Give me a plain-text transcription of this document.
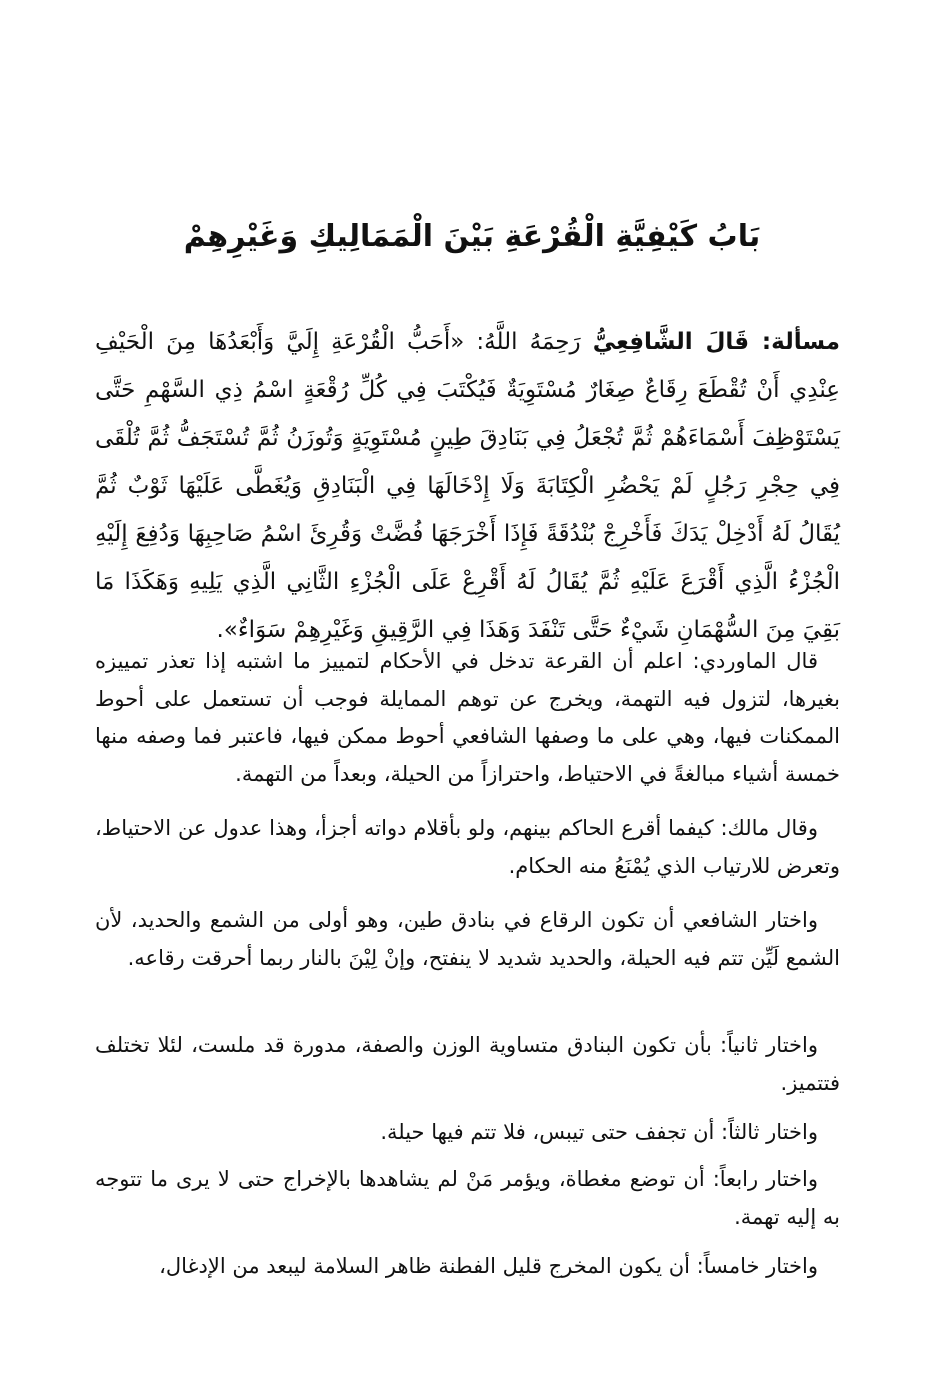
بَابُ كَيْفِيَّةِ الْقُرْعَةِ بَيْنَ الْمَمَالِيكِ وَغَيْرِهِمْ

مسألة: قَالَ الشَّافِعِيُّ رَحِمَهُ اللَّهُ: «أَحَبُّ الْقُرْعَةِ إِلَيَّ وَأَبْعَدُهَا مِنَ الْحَيْفِ عِنْدِي أَنْ تُقْطَعَ رِقَاعٌ صِغَارٌ مُسْتَوِيَةٌ فَيُكْتَبَ فِي كُلِّ رُقْعَةٍ اسْمُ ذِي السَّهْمِ حَتَّى يَسْتَوْظِفَ أَسْمَاءَهُمْ ثُمَّ تُجْعَلُ فِي بَنَادِقَ طِينٍ مُسْتَوِيَةٍ وَتُوزَنُ ثُمَّ تُسْتَجَفُّ ثُمَّ تُلْقَى فِي حِجْرِ رَجُلٍ لَمْ يَحْضُرِ الْكِتَابَةَ وَلَا إِدْخَالَهَا فِي الْبَنَادِقِ وَيُغَطَّى عَلَيْهَا ثَوْبٌ ثُمَّ يُقَالُ لَهُ أَدْخِلْ يَدَكَ فَأَخْرِجْ بُنْدُقَةً فَإِذَا أَخْرَجَهَا فُضَّتْ وَقُرِئَ اسْمُ صَاحِبِهَا وَدُفِعَ إِلَيْهِ الْجُزْءُ الَّذِي أَقْرَعَ عَلَيْهِ ثُمَّ يُقَالُ لَهُ أَقْرِعْ عَلَى الْجُزْءِ الثَّانِي الَّذِي يَلِيهِ وَهَكَذَا مَا بَقِيَ مِنَ السُّهْمَانِ شَيْءٌ حَتَّى تَنْفَدَ وَهَذَا فِي الرَّقِيقِ وَغَيْرِهِمْ سَوَاءٌ».

قال الماوردي: اعلم أن القرعة تدخل في الأحكام لتمييز ما اشتبه إذا تعذر تمييزه بغيرها، لتزول فيه التهمة، ويخرج عن توهم الممايلة فوجب أن تستعمل على أحوط الممكنات فيها، وهي على ما وصفها الشافعي أحوط ممكن فيها، فاعتبر فما وصفه منها خمسة أشياء مبالغةً في الاحتياط، واحترازاً من الحيلة، وبعداً من التهمة.

وقال مالك: كيفما أقرع الحاكم بينهم، ولو بأقلام دواته أجزأ، وهذا عدول عن الاحتياط، وتعرض للارتياب الذي يُمْنَعُ منه الحكام.

واختار الشافعي أن تكون الرقاع في بنادق طين، وهو أولى من الشمع والحديد، لأن الشمع لَيِّن تتم فيه الحيلة، والحديد شديد لا ينفتح، وإنْ لِيْنَ بالنار ربما أحرقت رقاعه.

واختار ثانياً: بأن تكون البنادق متساوية الوزن والصفة، مدورة قد ملست، لئلا تختلف فتتميز.

واختار ثالثاً: أن تجفف حتى تيبس، فلا تتم فيها حيلة.

واختار رابعاً: أن توضع مغطاة، ويؤمر مَنْ لم يشاهدها بالإخراج حتى لا يرى ما تتوجه به إليه تهمة.

واختار خامساً: أن يكون المخرج قليل الفطنة ظاهر السلامة ليبعد من الإدغال،
